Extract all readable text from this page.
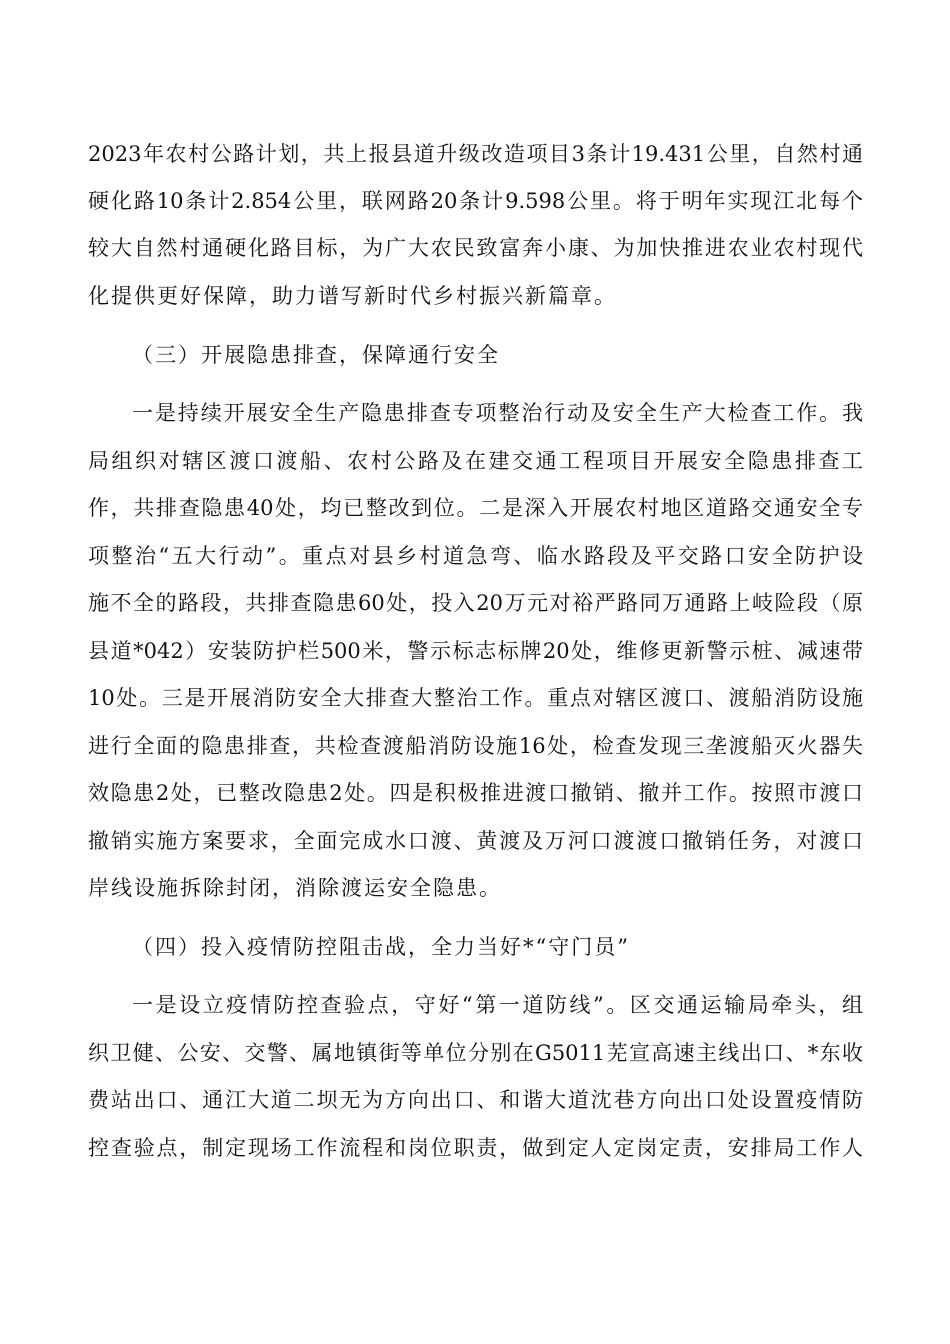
2023年农村公路计划，共上报县道升级改造项目3条计19.431公里，自然村通
硬化路10条计2.854公里，联网路20条计9.598公里。将于明年实现江北每个
较大自然村通硬化路目标，为广大农民致富奔小康、为加快推进农业农村现代
化提供更好保障，助力谱写新时代乡村振兴新篇章。
（三）开展隐患排查，保障通行安全
一是持续开展安全生产隐患排查专项整治行动及安全生产大检查工作。我
局组织对辖区渡口渡船、农村公路及在建交通工程项目开展安全隐患排查工
作，共排查隐患40处，均已整改到位。二是深入开展农村地区道路交通安全专
项整治“五大行动”。重点对县乡村道急弯、临水路段及平交路口安全防护设
施不全的路段，共排查隐患60处，投入20万元对裕严路同万通路上岐险段（原
县道*042）安装防护栏500米，警示标志标牌20处，维修更新警示桩、减速带
10处。三是开展消防安全大排查大整治工作。重点对辖区渡口、渡船消防设施
进行全面的隐患排查，共检查渡船消防设施16处，检查发现三垄渡船灭火器失
效隐患2处，已整改隐患2处。四是积极推进渡口撤销、撤并工作。按照市渡口
撤销实施方案要求，全面完成水口渡、黄渡及万河口渡渡口撤销任务，对渡口
岸线设施拆除封闭，消除渡运安全隐患。
（四）投入疫情防控阻击战，全力当好*“守门员”
一是设立疫情防控查验点，守好“第一道防线”。区交通运输局牵头，组
织卫健、公安、交警、属地镇街等单位分别在G5011芜宣高速主线出口、*东收
费站出口、通江大道二坝无为方向出口、和谐大道沈巷方向出口处设置疫情防
控查验点，制定现场工作流程和岗位职责，做到定人定岗定责，安排局工作人
